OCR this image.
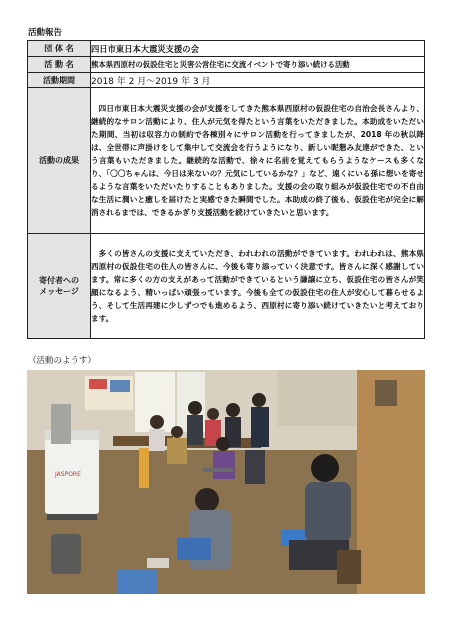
活動報告
団 体 名	四日市東日本大震災支援の会
活 動 名	熊本県西原村の仮設住宅と災害公営住宅に交流イベントで寄り添い続ける活動
活動期間	2018 年 2 月～2019 年 3 月
活動の成果	四日市東日本大震災支援の会が支援をしてきた熊本県西原村の仮設住宅の自治会長さんより、継続的なサロン活動により、住人が元気を得たという言葉をいただきました。本助成をいただいた期間、当初は収容力の制約で各棟別々にサロン活動を行ってきましたが、2018 年の秋以降は、全世帯に声掛けをして集中して交流会を行うようになり、新しい昵懇み友達ができた、という言葉もいただきました。継続的な活動で、徐々に名前を覚えてもらうようなケースも多くなり、「〇〇ちゃんは、今日は来ないの？元気にしているかな？」など、遠くにいる孫に想いを寄せるような言葉をいただいたりすることもありました。支援の会の取り組みが仮設住宅での不自由な生活に潤いと癒しを届けたと実感できた瞬間でした。本助成の終了後も、仮設住宅が完全に解消されるまでは、できるかぎり支援活動を続けていきたいと思います。
寄付者への
メッセージ	多くの皆さんの支援に支えていただき、われわれの活動ができています。われわれは、熊本県西原村の仮設住宅の住人の皆さんに、今後も寄り添っていく決意です。皆さんに深く感謝しています。常に多くの方の支えがあって活動ができているという謙譲に立ち、仮設住宅の皆さんが笑顔になるよう、精いっぱい頑張っています。今後も全ての仮設住宅の住人が安心して暮らせるよう、そして生活再建に少しずつでも進めるよう、西原村に寄り添い続けていきたいと考えております。
（活動のようす）
JASPORE
